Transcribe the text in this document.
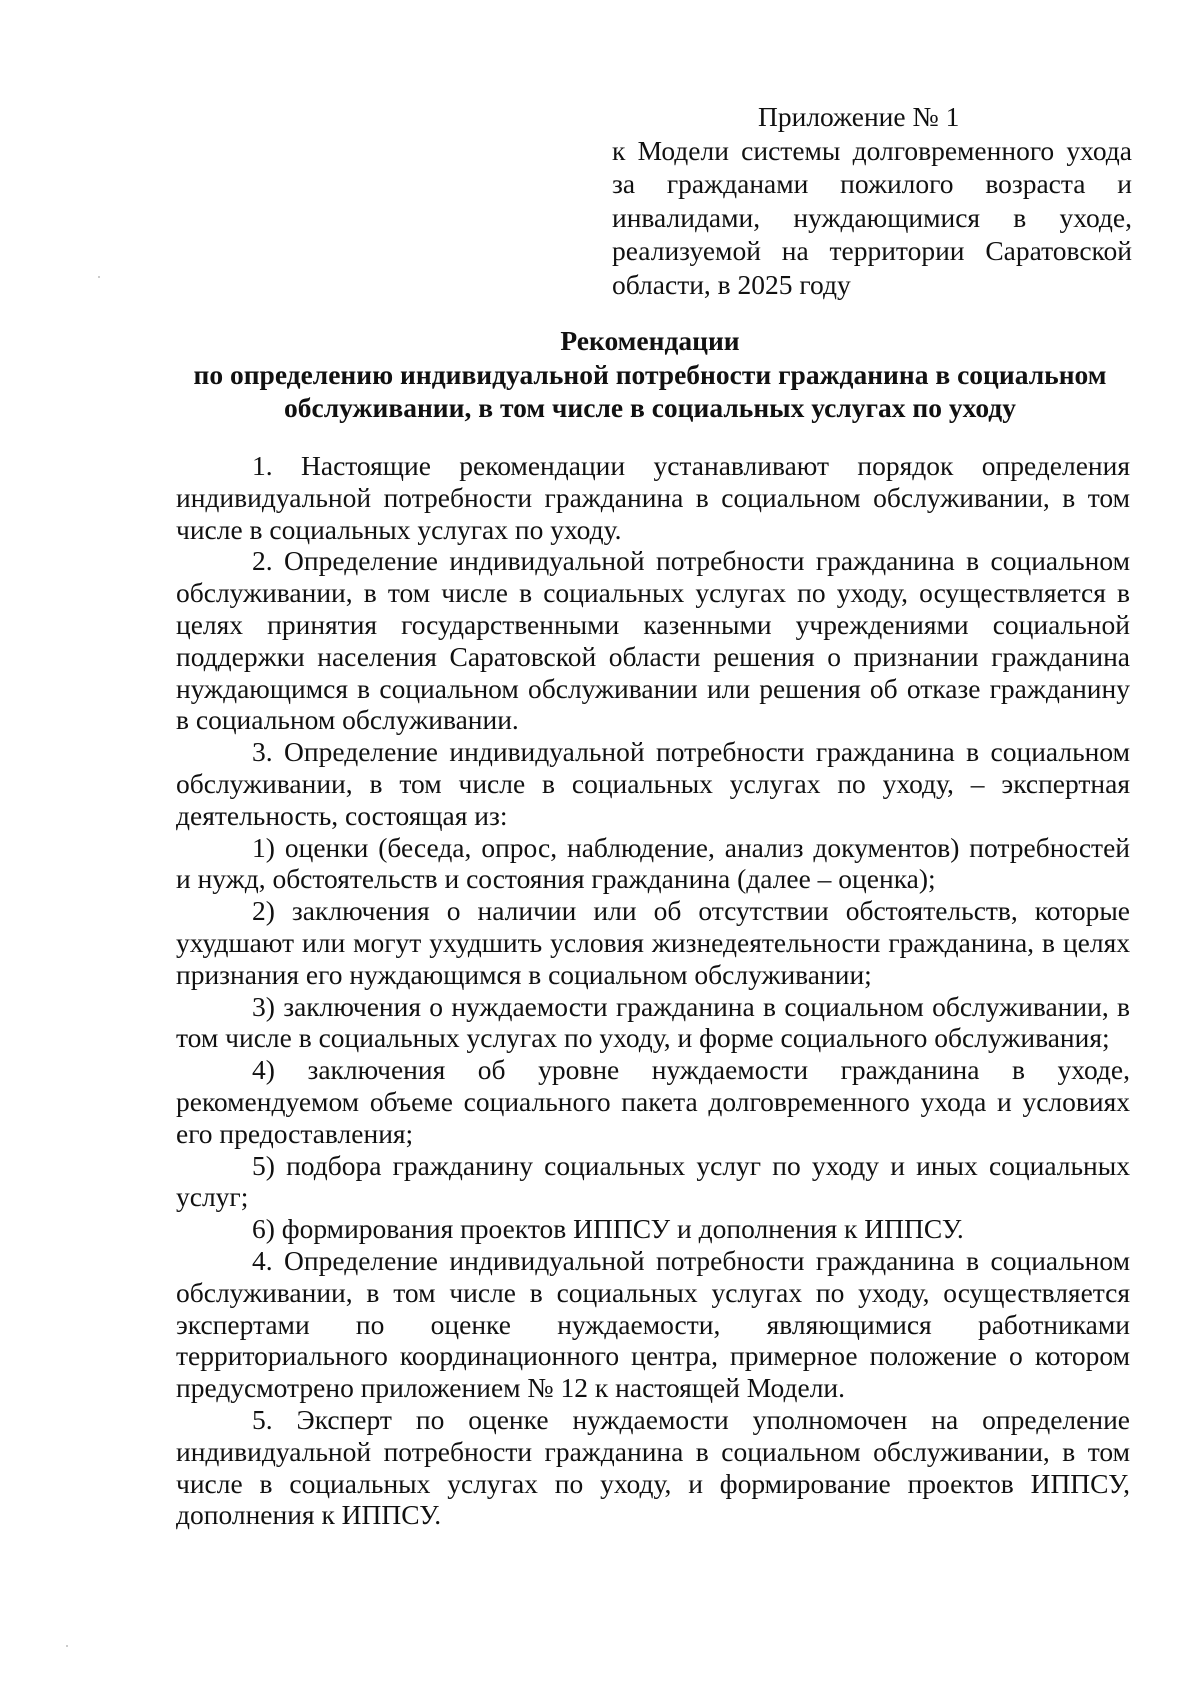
Приложение № 1
к Модели системы долговременного ухода за гражданами пожилого возраста и инвалидами, нуждающимися в уходе, реализуемой на территории Саратовской области, в 2025 году

Рекомендации

по определению индивидуальной потребности гражданина в социальном обслуживании, в том числе в социальных услугах по уходу

1. Настоящие рекомендации устанавливают порядок определения индивидуальной потребности гражданина в социальном обслуживании, в том числе в социальных услугах по уходу.

2. Определение индивидуальной потребности гражданина в социальном обслуживании, в том числе в социальных услугах по уходу, осуществляется в целях принятия государственными казенными учреждениями социальной поддержки населения Саратовской области решения о признании гражданина нуждающимся в социальном обслуживании или решения об отказе гражданину в социальном обслуживании.

3. Определение индивидуальной потребности гражданина в социальном обслуживании, в том числе в социальных услугах по уходу, – экспертная деятельность, состоящая из:

1) оценки (беседа, опрос, наблюдение, анализ документов) потребностей и нужд, обстоятельств и состояния гражданина (далее – оценка);

2) заключения о наличии или об отсутствии обстоятельств, которые ухудшают или могут ухудшить условия жизнедеятельности гражданина, в целях признания его нуждающимся в социальном обслуживании;

3) заключения о нуждаемости гражданина в социальном обслуживании, в том числе в социальных услугах по уходу, и форме социального обслуживания;

4) заключения об уровне нуждаемости гражданина в уходе, рекомендуемом объеме социального пакета долговременного ухода и условиях его предоставления;

5) подбора гражданину социальных услуг по уходу и иных социальных услуг;

6) формирования проектов ИППСУ и дополнения к ИППСУ.

4. Определение индивидуальной потребности гражданина в социальном обслуживании, в том числе в социальных услугах по уходу, осуществляется экспертами по оценке нуждаемости, являющимися работниками территориального координационного центра, примерное положение о котором предусмотрено приложением № 12 к настоящей Модели.

5. Эксперт по оценке нуждаемости уполномочен на определение индивидуальной потребности гражданина в социальном обслуживании, в том числе в социальных услугах по уходу, и формирование проектов ИППСУ, дополнения к ИППСУ.
